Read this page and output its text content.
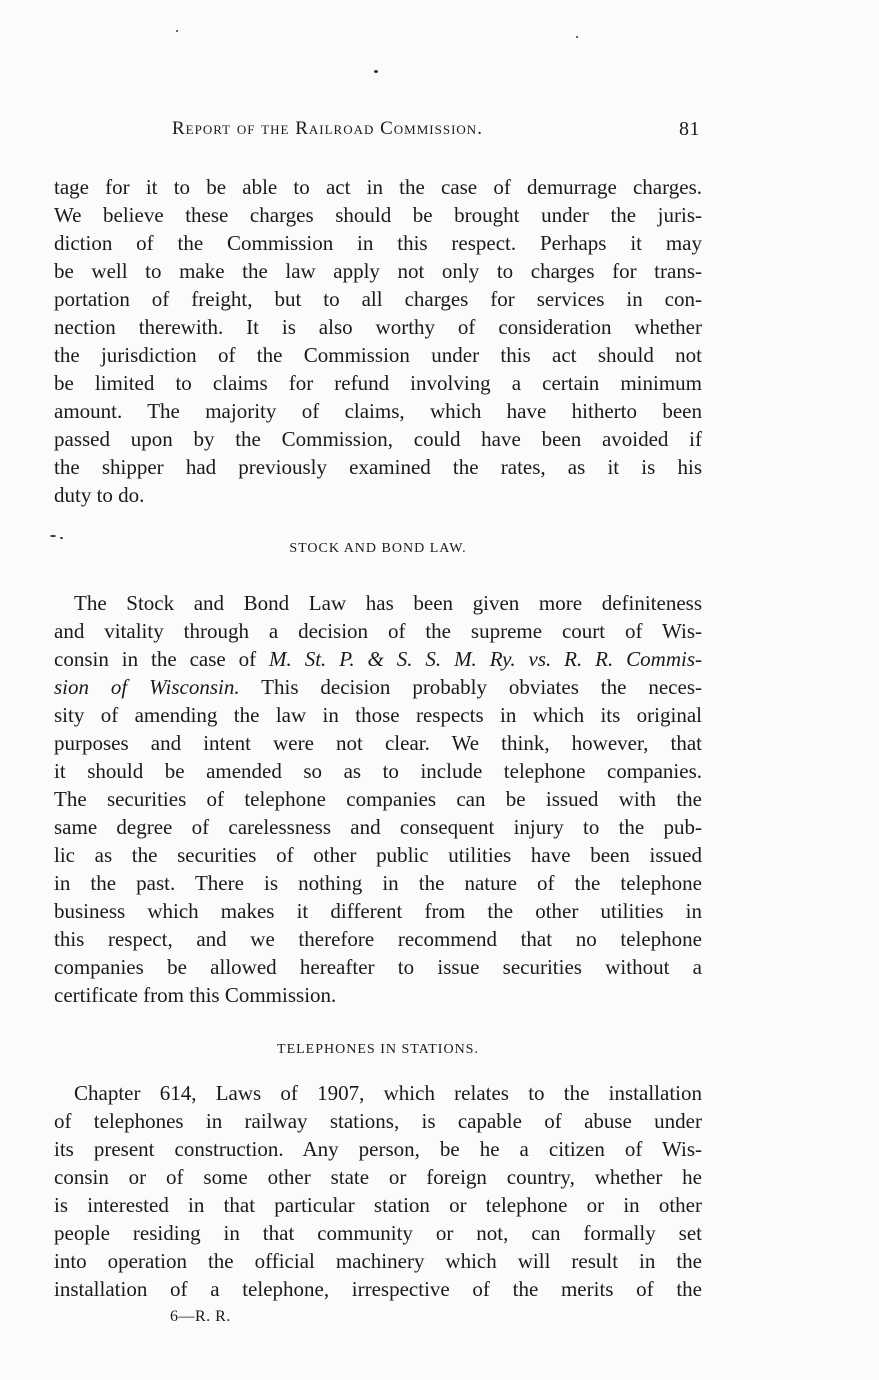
Report of the Railroad Commission.	81
tage for it to be able to act in the case of demurrage charges.
We believe these charges should be brought under the juris-
diction of the Commission in this respect. Perhaps it may
be well to make the law apply not only to charges for trans-
portation of freight, but to all charges for services in con-
nection therewith. It is also worthy of consideration whether
the jurisdiction of the Commission under this act should not
be limited to claims for refund involving a certain minimum
amount. The majority of claims, which have hitherto been
passed upon by the Commission, could have been avoided if
the shipper had previously examined the rates, as it is his
duty to do.
STOCK AND BOND LAW.
The Stock and Bond Law has been given more definiteness
and vitality through a decision of the supreme court of Wis-
consin in the case of M. St. P. & S. S. M. Ry. vs. R. R. Commis-
sion of Wisconsin. This decision probably obviates the neces-
sity of amending the law in those respects in which its original
purposes and intent were not clear. We think, however, that
it should be amended so as to include telephone companies.
The securities of telephone companies can be issued with the
same degree of carelessness and consequent injury to the pub-
lic as the securities of other public utilities have been issued
in the past. There is nothing in the nature of the telephone
business which makes it different from the other utilities in
this respect, and we therefore recommend that no telephone
companies be allowed hereafter to issue securities without a
certificate from this Commission.
TELEPHONES IN STATIONS.
Chapter 614, Laws of 1907, which relates to the installation
of telephones in railway stations, is capable of abuse under
its present construction. Any person, be he a citizen of Wis-
consin or of some other state or foreign country, whether he
is interested in that particular station or telephone or in other
people residing in that community or not, can formally set
into operation the official machinery which will result in the
installation of a telephone, irrespective of the merits of the
6—R. R.
